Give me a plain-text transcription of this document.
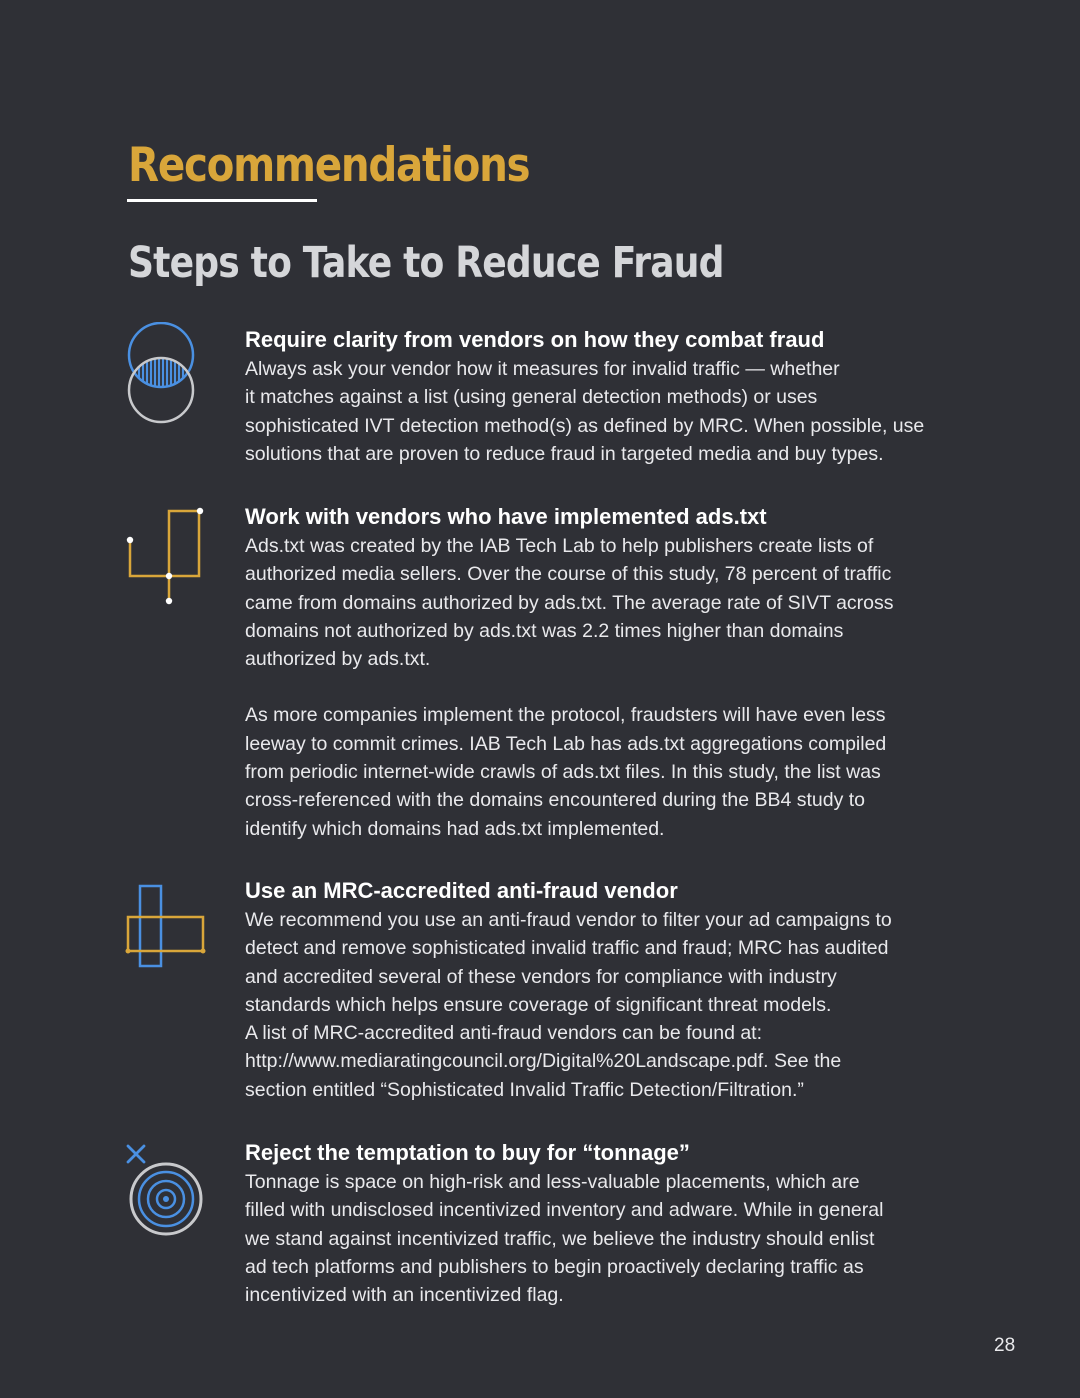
Recommendations
Steps to Take to Reduce Fraud
Require clarity from vendors on how they combat fraud

Always ask your vendor how it measures for invalid traffic — whether
it matches against a list (using general detection methods) or uses
sophisticated IVT detection method(s) as defined by MRC. When possible, use
solutions that are proven to reduce fraud in targeted media and buy types.

Work with vendors who have implemented ads.txt

Ads.txt was created by the IAB Tech Lab to help publishers create lists of
authorized media sellers. Over the course of this study, 78 percent of traffic
came from domains authorized by ads.txt. The average rate of SIVT across
domains not authorized by ads.txt was 2.2 times higher than domains
authorized by ads.txt.

As more companies implement the protocol, fraudsters will have even less
leeway to commit crimes. IAB Tech Lab has ads.txt aggregations compiled
from periodic internet-wide crawls of ads.txt files. In this study, the list was
cross-referenced with the domains encountered during the BB4 study to
identify which domains had ads.txt implemented.

Use an MRC-accredited anti-fraud vendor

We recommend you use an anti-fraud vendor to filter your ad campaigns to
detect and remove sophisticated invalid traffic and fraud; MRC has audited
and accredited several of these vendors for compliance with industry
standards which helps ensure coverage of significant threat models.
A list of MRC-accredited anti-fraud vendors can be found at:
http://www.mediaratingcouncil.org/Digital%20Landscape.pdf. See the
section entitled “Sophisticated Invalid Traffic Detection/Filtration.”

Reject the temptation to buy for “tonnage”

Tonnage is space on high-risk and less-valuable placements, which are
filled with undisclosed incentivized inventory and adware. While in general
we stand against incentivized traffic, we believe the industry should enlist
ad tech platforms and publishers to begin proactively declaring traffic as
incentivized with an incentivized flag.

28
